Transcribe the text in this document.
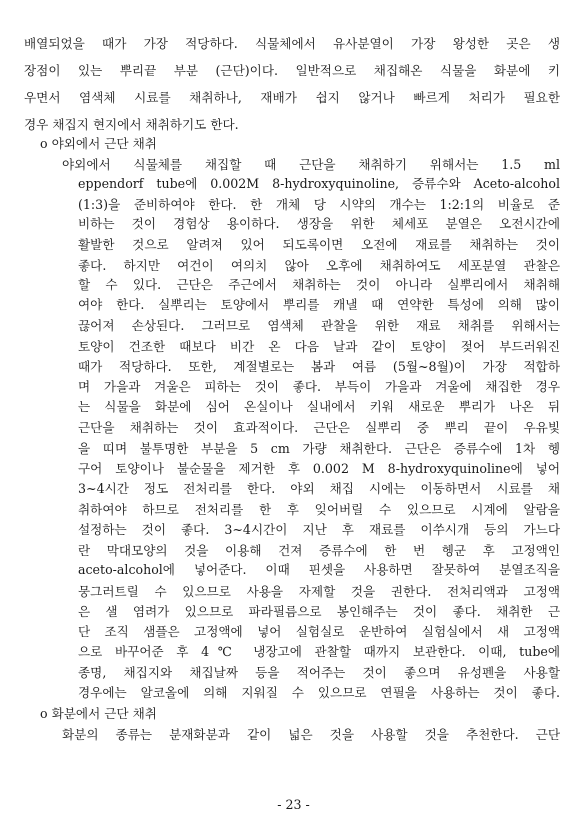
배열되었을 때가 가장 적당하다. 식물체에서 유사분열이 가장 왕성한 곳은 생
장점이 있는 뿌리끝 부분 (근단)이다. 일반적으로 채집해온 식물을 화분에 키
우면서 염색체 시료를 채취하나, 재배가 쉽지 않거나 빠르게 처리가 필요한
경우 채집지 현지에서 채취하기도 한다.
o 야외에서 근단 채취
야외에서 식물체를 채집할 때 근단을 채취하기 위해서는 1.5 ml
eppendorf tube에 0.002M 8-hydroxyquinoline, 증류수와 Aceto-alcohol
(1:3)을 준비하여야 한다. 한 개체 당 시약의 개수는 1:2:1의 비율로 준
비하는 것이 경험상 용이하다. 생장을 위한 체세포 분열은 오전시간에
활발한 것으로 알려져 있어 되도록이면 오전에 재료를 채취하는 것이
좋다. 하지만 여건이 여의치 않아 오후에 채취하여도 세포분열 관찰은
할 수 있다. 근단은 주근에서 채취하는 것이 아니라 실뿌리에서 채취해
여야 한다. 실뿌리는 토양에서 뿌리를 캐낼 때 연약한 특성에 의해 많이
끊어져 손상된다. 그러므로 염색체 관찰을 위한 재료 채취를 위해서는
토양이 건조한 때보다 비간 온 다음 날과 같이 토양이 젖어 부드러워진
때가 적당하다. 또한, 계절별로는 봄과 여름 (5월~8월)이 가장 적합하
며 가을과 겨울은 피하는 것이 좋다. 부득이 가을과 겨울에 채집한 경우
는 식물을 화분에 심어 온실이나 실내에서 키워 새로운 뿌리가 나온 뒤
근단을 채취하는 것이 효과적이다. 근단은 실뿌리 중 뿌리 끝이 우유빛
을 띠며 불투명한 부분을 5 cm 가량 채취한다. 근단은 증류수에 1차 헹
구어 토양이나 불순물을 제거한 후 0.002 M 8-hydroxyquinoline에 넣어
3~4시간 정도 전처리를 한다. 야외 채집 시에는 이동하면서 시료를 채
취하여야 하므로 전처리를 한 후 잊어버릴 수 있으므로 시계에 알람을
설정하는 것이 좋다. 3~4시간이 지난 후 재료를 이쑤시개 등의 가느다
란 막대모양의 것을 이용해 건져 증류수에 한 번 헹군 후 고정액인
aceto-alcohol에 넣어준다. 이때 핀셋을 사용하면 잘못하여 분열조직을
뭉그러트릴 수 있으므로 사용을 자제할 것을 권한다. 전처리액과 고정액
은 샐 염려가 있으므로 파라필름으로 봉인해주는 것이 좋다. 채취한 근
단 조직 샘플은 고정액에 넣어 실험실로 운반하여 실험실에서 새 고정액
으로 바꾸어준 후 4℃ 냉장고에 관찰할 때까지 보관한다. 이때, tube에
종명, 채집지와 채집날짜 등을 적어주는 것이 좋으며 유성펜을 사용할
경우에는 알코올에 의해 지워질 수 있으므로 연필을 사용하는 것이 좋다.
o 화분에서 근단 채취
화분의 종류는 분재화분과 같이 넓은 것을 사용할 것을 추천한다. 근단
- 23 -
